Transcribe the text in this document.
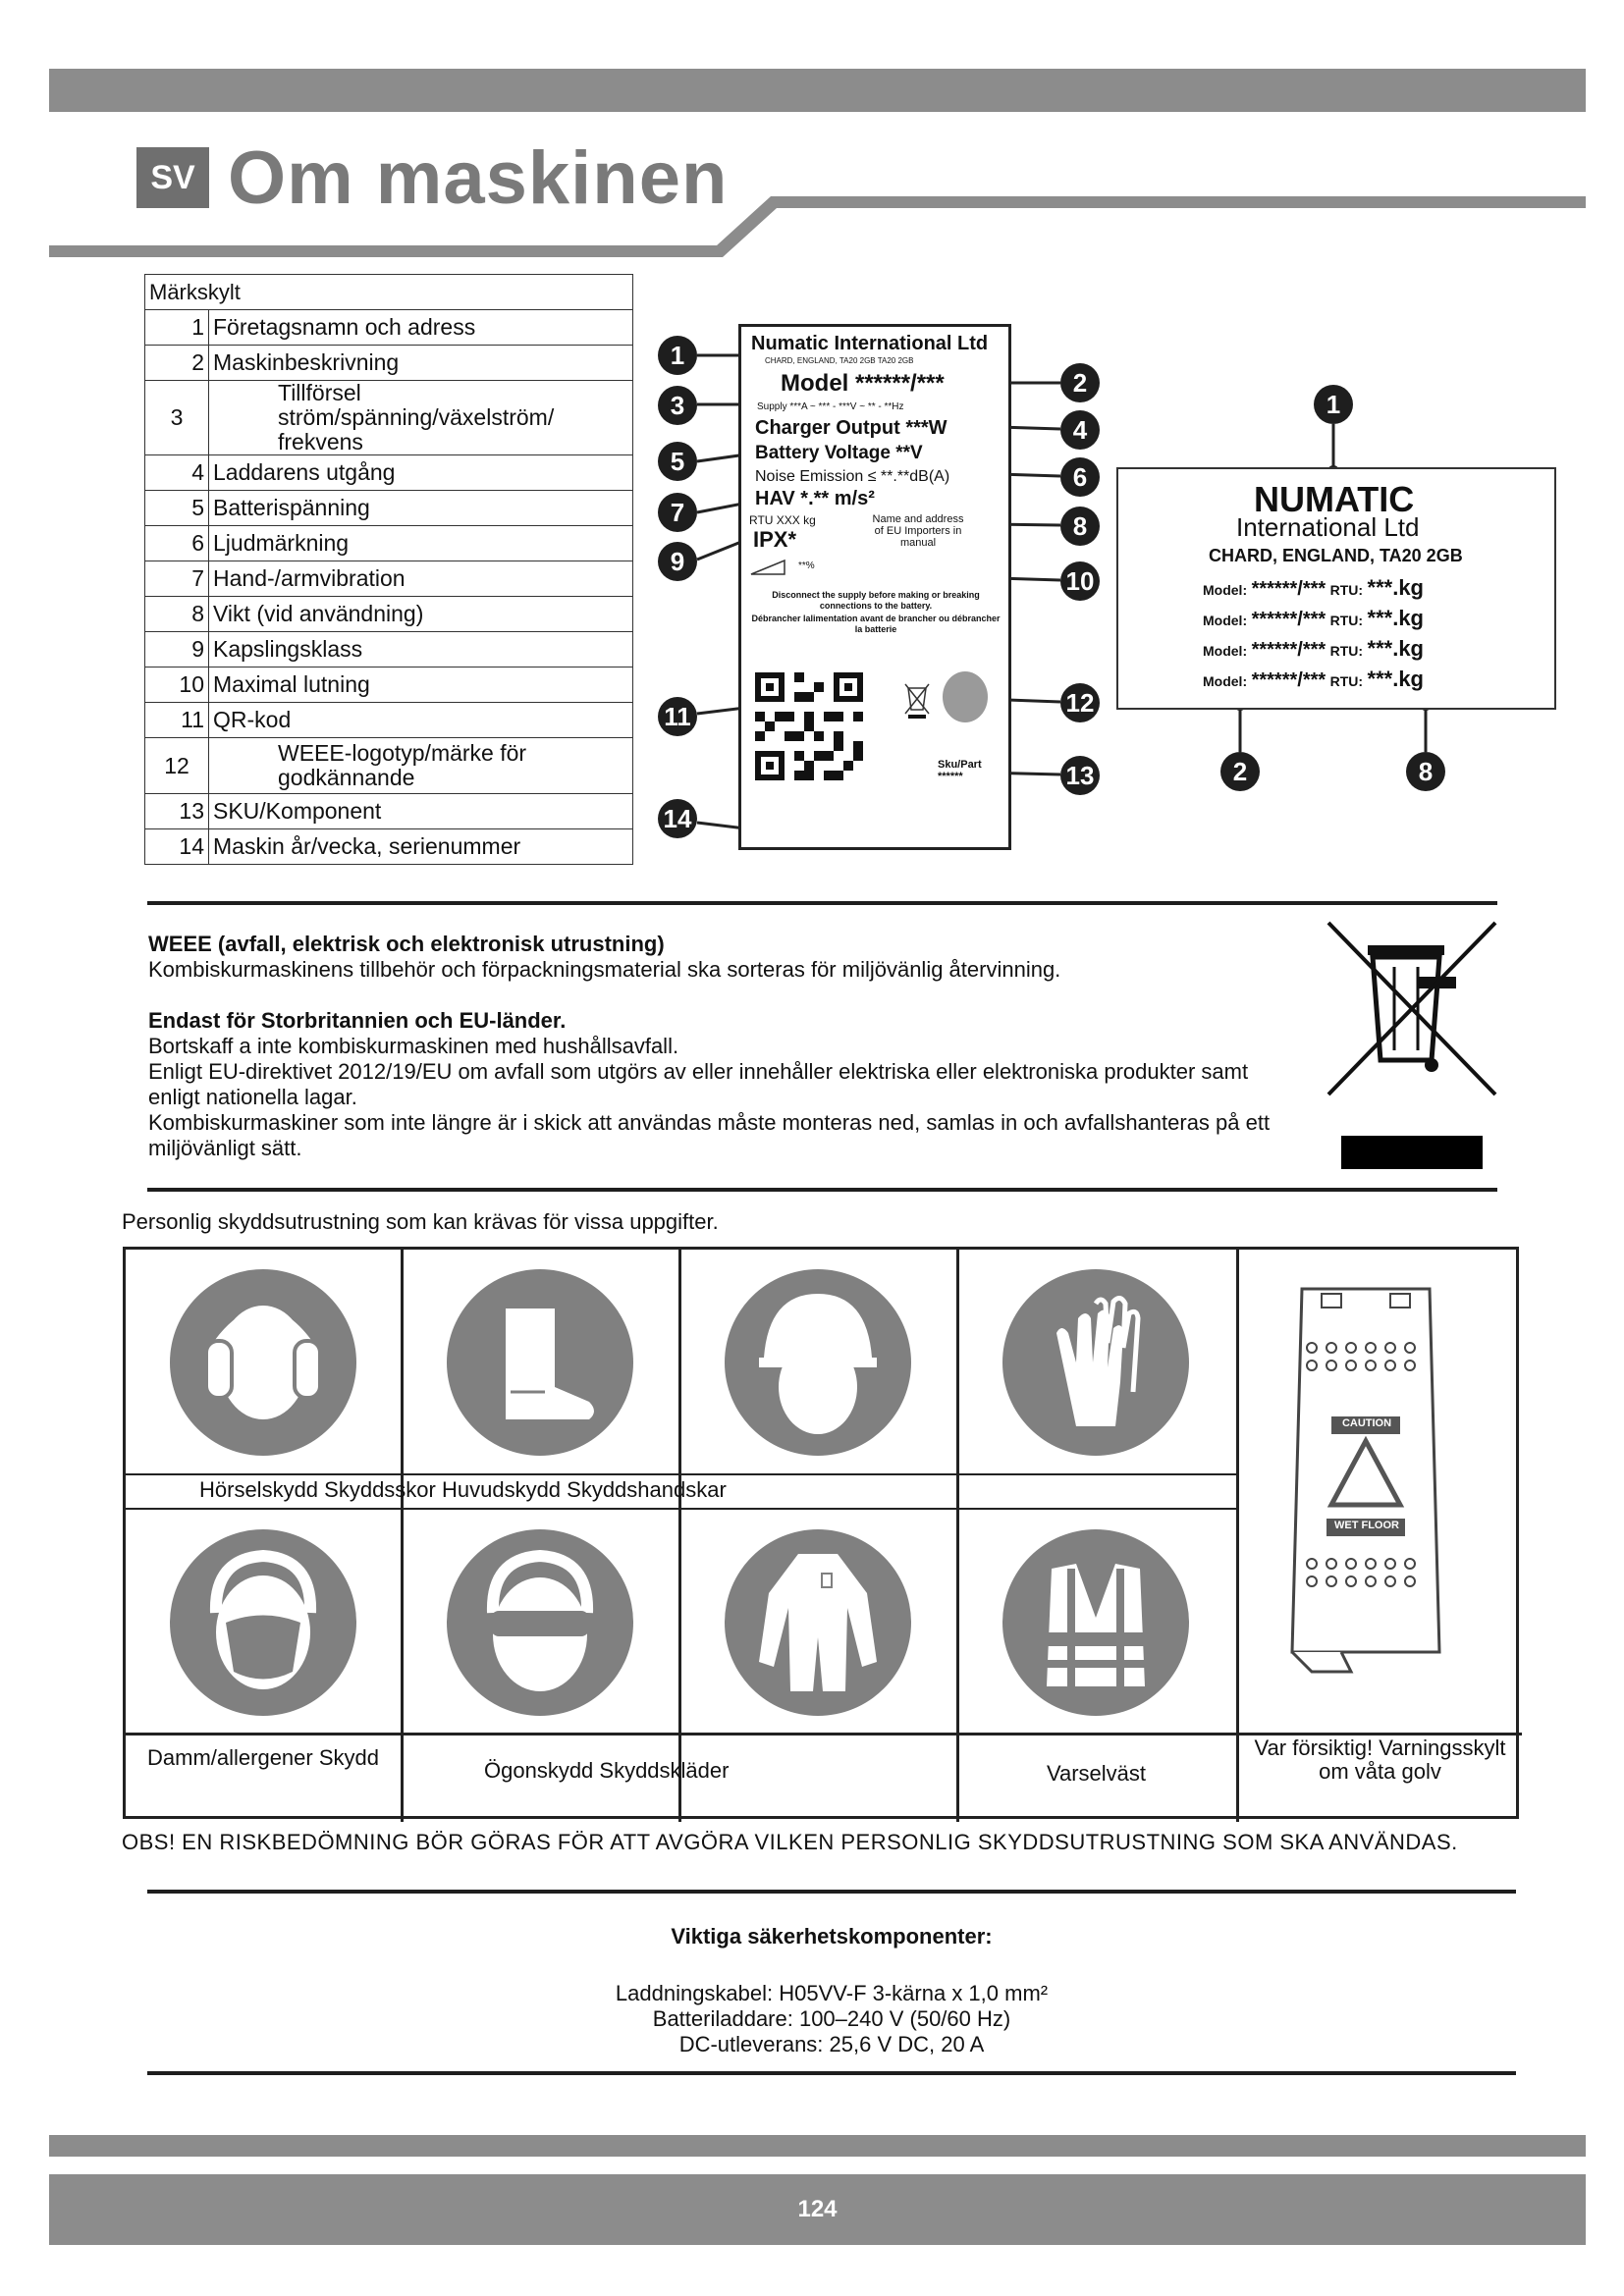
SV Om maskinen
Märkskylt	
1	Företagsnamn och adress
2	Maskinbeskrivning
3	Tillförsel ström/spänning/växelström/ frekvens
4	Laddarens utgång
5	Batterispänning
6	Ljudmärkning
7	Hand-/armvibration
8	Vikt (vid användning)
9	Kapslingsklass
10	Maximal lutning
11	QR-kod
12	WEEE-logotyp/märke för godkännande
13	SKU/Komponent
14	Maskin år/vecka, serienummer
Numatic International Ltd
CHARD, ENGLAND, TA20 2GB TA20 2GB
Model ******/***
Supply ***A ~ *** - ***V ~ ** - **Hz
Charger Output ***W
Battery Voltage **V
Noise Emission ≤ **.**dB(A)
HAV *.** m/s²
RTU XXX kg
IPX*
Name and address of EU Importers in manual
**%
Disconnect the supply before making or breaking connections to the battery.
Débrancher lalimentation avant de brancher ou débrancher la batterie
Sku/Part
******
1
2
3
4
5
6
7	8
9
10
11	12
13
14
NUMATIC
International Ltd
CHARD, ENGLAND, TA20 2GB
Model: ******/*** RTU: ***.kg
Model: ******/*** RTU: ***.kg
Model: ******/*** RTU: ***.kg
Model: ******/*** RTU: ***.kg
1
2	8

WEEE (avfall, elektrisk och elektronisk utrustning)

Kombiskurmaskinens tillbehör och förpackningsmaterial ska sorteras för miljövänlig återvinning.

Endast för Storbritannien och EU-länder.

Bortskaff a inte kombiskurmaskinen med hushållsavfall.

Enligt EU-direktivet 2012/19/EU om avfall som utgörs av eller innehåller elektriska eller elektroniska produkter samt enligt nationella lagar.

Kombiskurmaskiner som inte längre är i skick att användas måste monteras ned, samlas in och avfallshanteras på ett miljövänligt sätt.

Personlig skyddsutrustning som kan krävas för vissa uppgifter.
CAUTION
WET FLOOR
Hörselskydd Skyddsskor Huvudskydd Skyddshandskar
Damm/allergener Skydd
Ögonskydd Skyddskläder	Varselväst
Var försiktig! Varningsskylt om våta golv
OBS! EN RISKBEDÖMNING BÖR GÖRAS FÖR ATT AVGÖRA VILKEN PERSONLIG SKYDDSUTRUSTNING SOM SKA ANVÄNDAS.
Viktiga säkerhetskomponenter:
Laddningskabel: H05VV-F 3-kärna x 1,0 mm²
Batteriladdare: 100–240 V (50/60 Hz)
DC-utleverans: 25,6 V DC, 20 A
124
